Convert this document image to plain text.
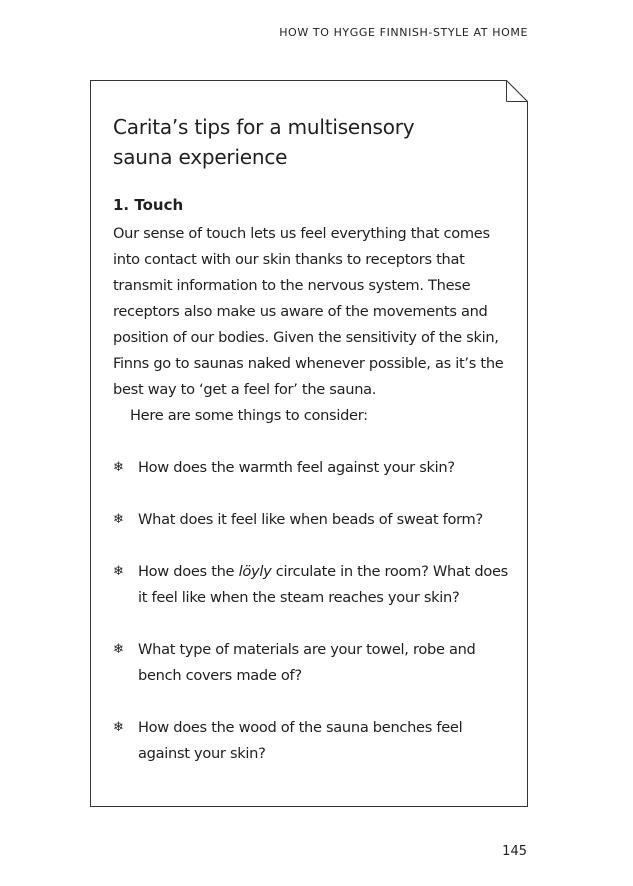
HOW TO HYGGE FINNISH-STYLE AT HOME
Carita’s tips for a multisensory
sauna experience
1. Touch

Our sense of touch lets us feel everything that comes into contact with our skin thanks to receptors that transmit information to the nervous system. These receptors also make us aware of the movements and position of our bodies. Given the sensitivity of the skin, Finns go to saunas naked whenever possible, as it’s the best way to ‘get a feel for’ the sauna.

Here are some things to consider:

❄ How does the warmth feel against your skin?
❄ What does it feel like when beads of sweat form?
❄ How does the löyly circulate in the room? What does it feel like when the steam reaches your skin?
❄ What type of materials are your towel, robe and bench covers made of?
❄ How does the wood of the sauna benches feel against your skin?
145
